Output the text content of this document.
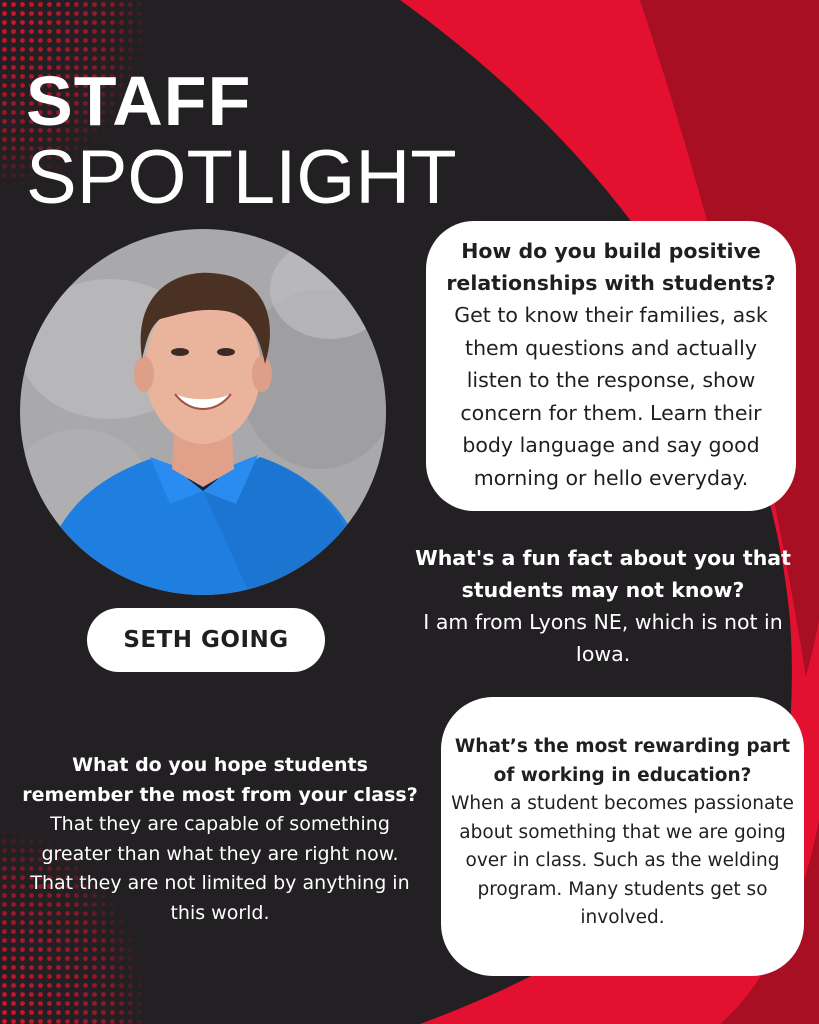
STAFF
SPOTLIGHT
SETH GOING

How do you build positive relationships with students?

Get to know their families, ask them questions and actually listen to the response, show concern for them. Learn their body language and say good morning or hello everyday.

What's a fun fact about you that students may not know?

I am from Lyons NE, which is not in Iowa.

What’s the most rewarding part of working in education?

When a student becomes passionate about something that we are going over in class. Such as the welding program. Many students get so involved.

What do you hope students remember the most from your class?

That they are capable of something greater than what they are right now. That they are not limited by anything in this world.
